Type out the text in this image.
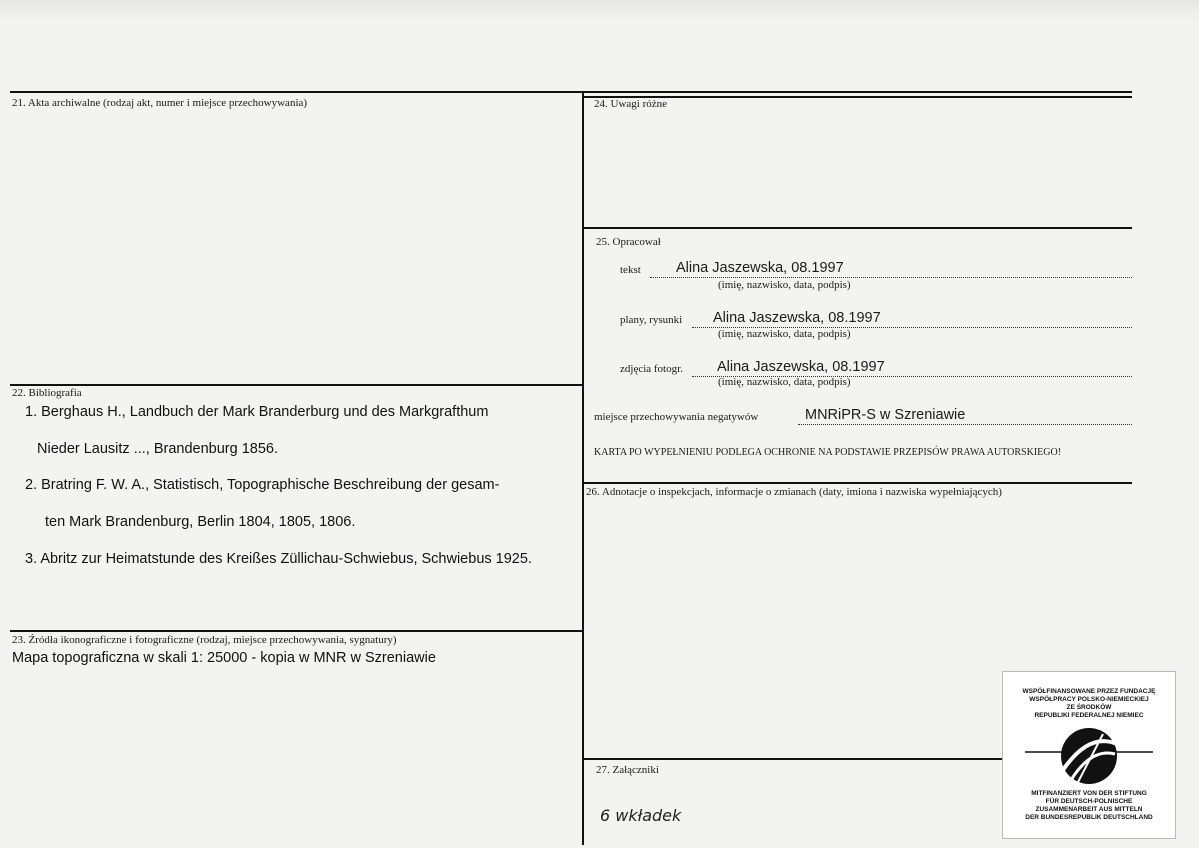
21. Akta archiwalne (rodzaj akt, numer i miejsce przechowywania)
22. Bibliografia
1. Berghaus H., Landbuch der Mark Branderburg und des Markgrafthum
Nieder Lausitz ..., Brandenburg 1856.
2. Bratring F. W. A., Statistisch, Topographische Beschreibung der gesam-
ten Mark Brandenburg, Berlin 1804, 1805, 1806.
3. Abritz zur Heimatstunde des Kreißes Züllichau-Schwiebus, Schwiebus 1925.
23. Źródła ikonograficzne i fotograficzne (rodzaj, miejsce przechowywania, sygnatury)
Mapa topograficzna w skali 1: 25000 - kopia w MNR w Szreniawie
24. Uwagi różne
25. Opracował
tekst Alina Jaszewska, 08.1997
(imię, nazwisko, data, podpis)
plany, rysunki Alina Jaszewska, 08.1997
(imię, nazwisko, data, podpis)
zdjęcia fotogr. Alina Jaszewska, 08.1997
(imię, nazwisko, data, podpis)
miejsce przechowywania negatywów	MNRiPR-S w Szreniawie
KARTA PO WYPEŁNIENIU PODLEGA OCHRONIE NA PODSTAWIE PRZEPISÓW PRAWA AUTORSKIEGO!
26. Adnotacje o inspekcjach, informacje o zmianach (daty, imiona i nazwiska wypełniających)
27. Załączniki
6 wkładek
WSPÓŁFINANSOWANE PRZEZ FUNDACJĘ
WSPÓŁPRACY POLSKO-NIEMIECKIEJ
ZE ŚRODKÓW
REPUBLIKI FEDERALNEJ NIEMIEC
MITFINANZIERT VON DER STIFTUNG
FÜR DEUTSCH-POLNISCHE
ZUSAMMENARBEIT AUS MITTELN
DER BUNDESREPUBLIK DEUTSCHLAND
